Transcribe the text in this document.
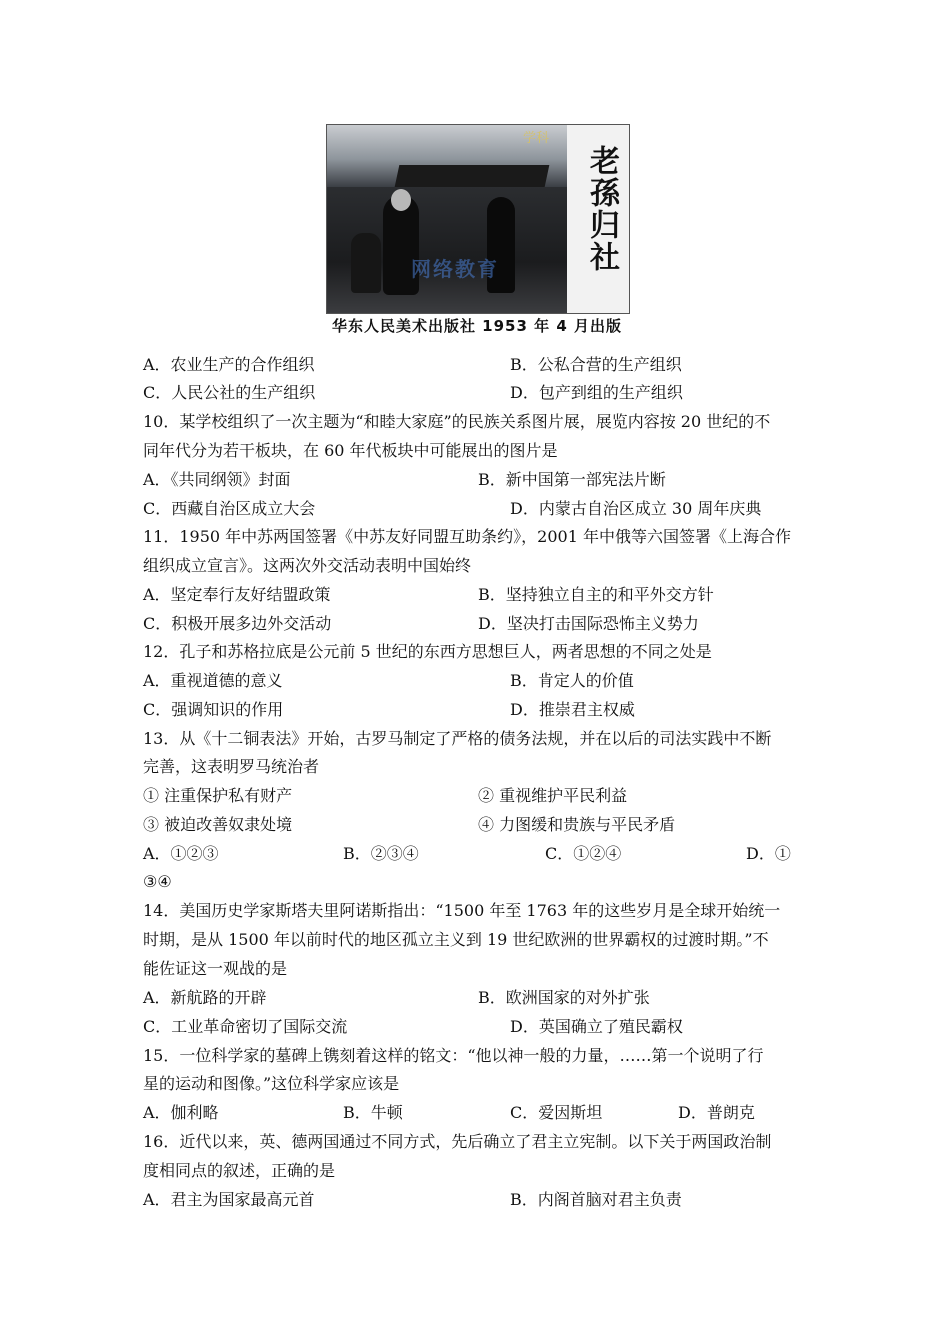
学科
网络教育	老孫归社
华东人民美术出版社 1953 年 4 月出版
A．农业生产的合作组织	B．公私合营的生产组织
C．人民公社的生产组织	D．包产到组的生产组织
10．某学校组织了一次主题为“和睦大家庭”的民族关系图片展，展览内容按 20 世纪的不
同年代分为若干板块，在 60 年代板块中可能展出的图片是
A．《共同纲领》封面	B．新中国第一部宪法片断
C．西藏自治区成立大会	D．内蒙古自治区成立 30 周年庆典
11．1950 年中苏两国签署《中苏友好同盟互助条约》，2001 年中俄等六国签署《上海合作
组织成立宣言》。这两次外交活动表明中国始终
A．坚定奉行友好结盟政策	B．坚持独立自主的和平外交方针
C．积极开展多边外交活动	D．坚决打击国际恐怖主义势力
12．孔子和苏格拉底是公元前 5 世纪的东西方思想巨人，两者思想的不同之处是
A．重视道德的意义	B．肯定人的价值
C．强调知识的作用	D．推崇君主权威
13．从《十二铜表法》开始，古罗马制定了严格的债务法规，并在以后的司法实践中不断
完善，这表明罗马统治者
① 注重保护私有财产	② 重视维护平民利益
③ 被迫改善奴隶处境	④ 力图缓和贵族与平民矛盾
A．①②③	B．②③④	C．①②④	D．①
③④
14．美国历史学家斯塔夫里阿诺斯指出：“1500 年至 1763 年的这些岁月是全球开始统一
时期，是从 1500 年以前时代的地区孤立主义到 19 世纪欧洲的世界霸权的过渡时期。”不
能佐证这一观战的是
A．新航路的开辟	B．欧洲国家的对外扩张
C．工业革命密切了国际交流	D．英国确立了殖民霸权
15．一位科学家的墓碑上镌刻着这样的铭文：“他以神一般的力量，……第一个说明了行
星的运动和图像。”这位科学家应该是
A．伽利略	B．牛顿	C．爱因斯坦	D．普朗克
16．近代以来，英、德两国通过不同方式，先后确立了君主立宪制。以下关于两国政治制
度相同点的叙述，正确的是
A．君主为国家最高元首	B．内阁首脑对君主负责
